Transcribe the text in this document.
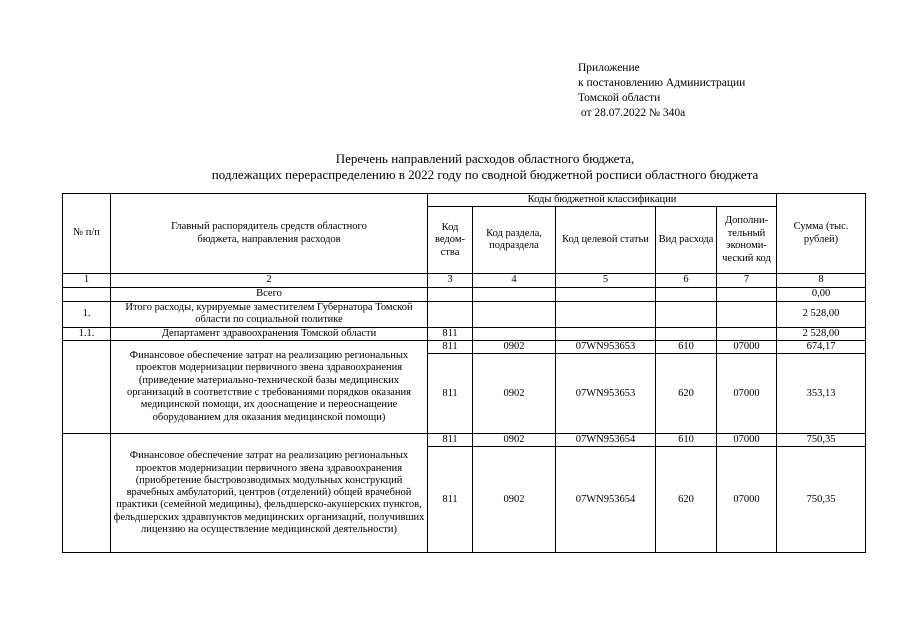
Приложение
к постановлению Администрации
Томской области
от 28.07.2022 № 340а
Перечень направлений расходов областного бюджета,
подлежащих перераспределению в 2022 году по сводной бюджетной росписи областного бюджета
№ п/п	Главный распорядитель средств областного бюджета, направления расходов	Коды бюджетной классификации					Сумма (тыс. рублей)
		Код ведом-ства	Код раздела, подраздела	Код целевой статьи	Вид расхода	Дополни-тельный экономи-ческий код	
1	2	3	4	5	6	7	8
	Всего						0,00
1.	Итого расходы, курируемые заместителем Губернатора Томской области по социальной политике						2 528,00
1.1.	Департамент здравоохранения Томской области	811					2 528,00
	Финансовое обеспечение затрат на реализацию региональных проектов модернизации первичного звена здравоохранения (приведение материально-технической базы медицинских организаций в соответствие с требованиями порядков оказания медицинской помощи, их дооснащение и переоснащение оборудованием для оказания медицинской помощи)	811	0902	07WN953653	610	07000	674,17
		811	0902	07WN953653	620	07000	353,13
	Финансовое обеспечение затрат на реализацию региональных проектов модернизации первичного звена здравоохранения (приобретение быстровозводимых модульных конструкций врачебных амбулаторий, центров (отделений) общей врачебной практики (семейной медицины), фельдшерско-акушерских пунктов, фельдшерских здравпунктов медицинских организаций, получивших лицензию на осуществление медицинской деятельности)	811	0902	07WN953654	610	07000	750,35
		811	0902	07WN953654	620	07000	750,35
